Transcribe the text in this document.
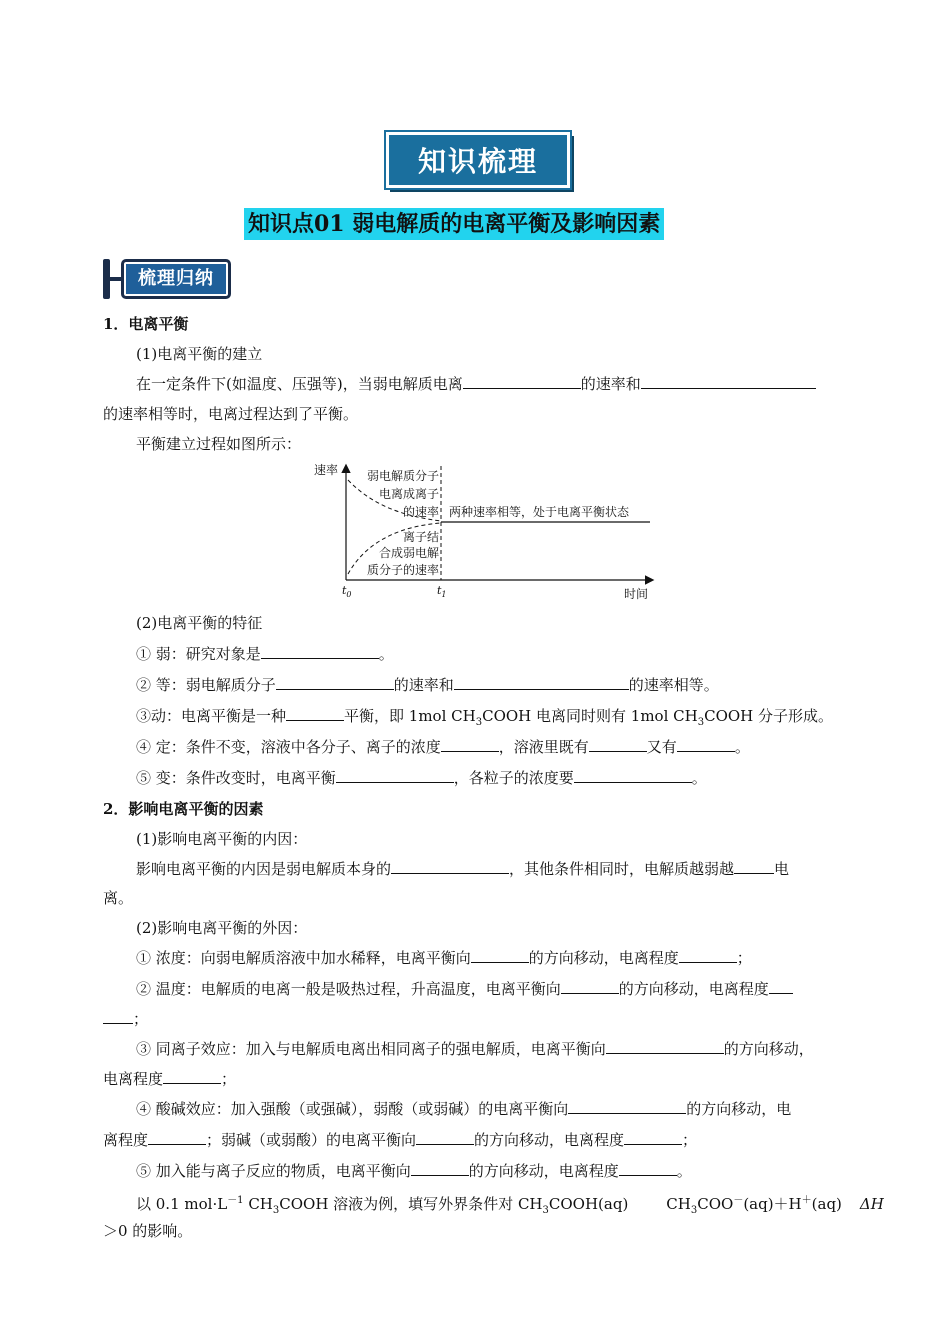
知识梳理
知识点01 弱电解质的电离平衡及影响因素
梳理归纳
1．电离平衡
(1)电离平衡的建立
在一定条件下(如温度、压强等)，当弱电解质电离	的速率和
的速率相等时，电离过程达到了平衡。
平衡建立过程如图所示：
速率
时间
弱电解质分子
电离成离子
的速率
离子结
合成弱电解
质分子的速率
两种速率相等，处于电离平衡状态
$t_0$	$t_1$
(2)电离平衡的特征
① 弱：研究对象是	。
② 等：弱电解质分子	的速率和	的速率相等。
③动：电离平衡是一种	平衡，即 1mol $CH_3COOH$ 电离同时则有 1mol $CH_3COOH$ 分子形成。
④ 定：条件不变，溶液中各分子、离子的浓度	，溶液里既有	又有	。
⑤ 变：条件改变时，电离平衡	，各粒子的浓度要	。
2．影响电离平衡的因素
(1)影响电离平衡的内因：
影响电离平衡的内因是弱电解质本身的	，其他条件相同时，电解质越弱越	电
离。
(2)影响电离平衡的外因：
① 浓度：向弱电解质溶液中加水稀释，电离平衡向	的方向移动，电离程度	；
② 温度：电解质的电离一般是吸热过程，升高温度，电离平衡向	的方向移动，电离程度
；
③ 同离子效应：加入与电解质电离出相同离子的强电解质，电离平衡向	的方向移动，
电离程度	；
④ 酸碱效应：加入强酸（或强碱），弱酸（或弱碱）的电离平衡向	的方向移动，电
离程度	；弱碱（或弱酸）的电离平衡向	的方向移动，电离程度	；
⑤ 加入能与离子反应的物质，电离平衡向	的方向移动，电离程度	。
以 0.1 $mol\cdot L^{-1}$ $CH_3COOH$ 溶液为例，填写外界条件对 $CH_3COOH(aq)$	$CH_3COO^-(aq)+H^+(aq)$ ΔH
＞0 的影响。
